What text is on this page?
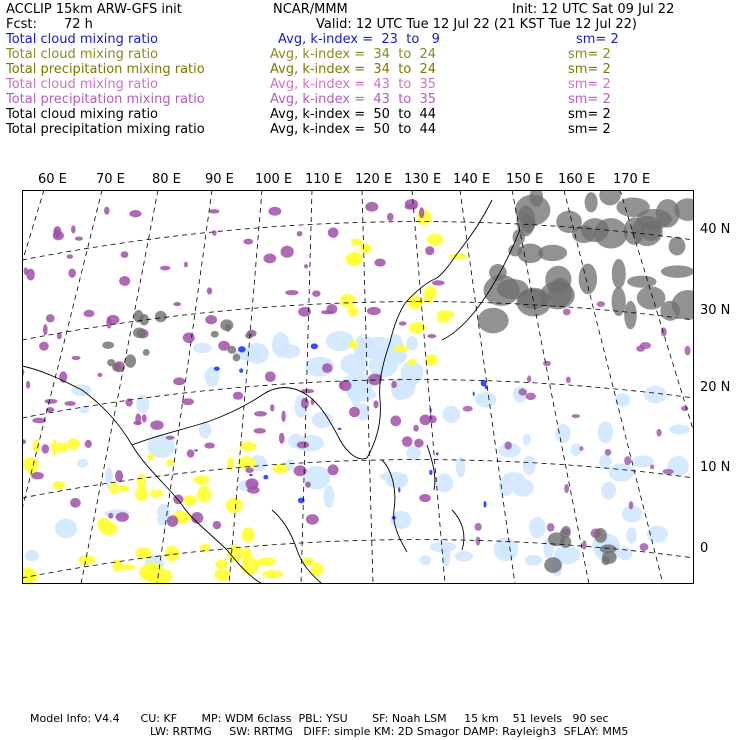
ACCLIP 15km ARW-GFS init	NCAR/MMM	Init: 12 UTC Sat 09 Jul 22
Fcst: 72 h	Valid: 12 UTC Tue 12 Jul 22 (21 KST Tue 12 Jul 22)
Total cloud mixing ratio	Avg, k-index =  23  to   9	sm= 2
Total cloud mixing ratio	Avg, k-index =  34  to  24	sm= 2
Total precipitation mixing ratio	Avg, k-index =  34  to  24	sm= 2
Total cloud mixing ratio	Avg, k-index =  43  to  35	sm= 2
Total precipitation mixing ratio	Avg, k-index =  43  to  35	sm= 2
Total cloud mixing ratio	Avg, k-index =  50  to  44	sm= 2
Total precipitation mixing ratio	Avg, k-index =  50  to  44	sm= 2
60 E 70 E 80 E 90 E 100 E 110 E 120 E 130 E 140 E 150 E 160 E 170 E
40 N
30 N
20 N
10 N
0
Model Info: V4.4      CU: KF       MP: WDM 6class  PBL: YSU       SF: Noah LSM     15 km    51 levels   90 sec
LW: RRTMG     SW: RRTMG   DIFF: simple KM: 2D Smagor DAMP: Rayleigh3  SFLAY: MM5
